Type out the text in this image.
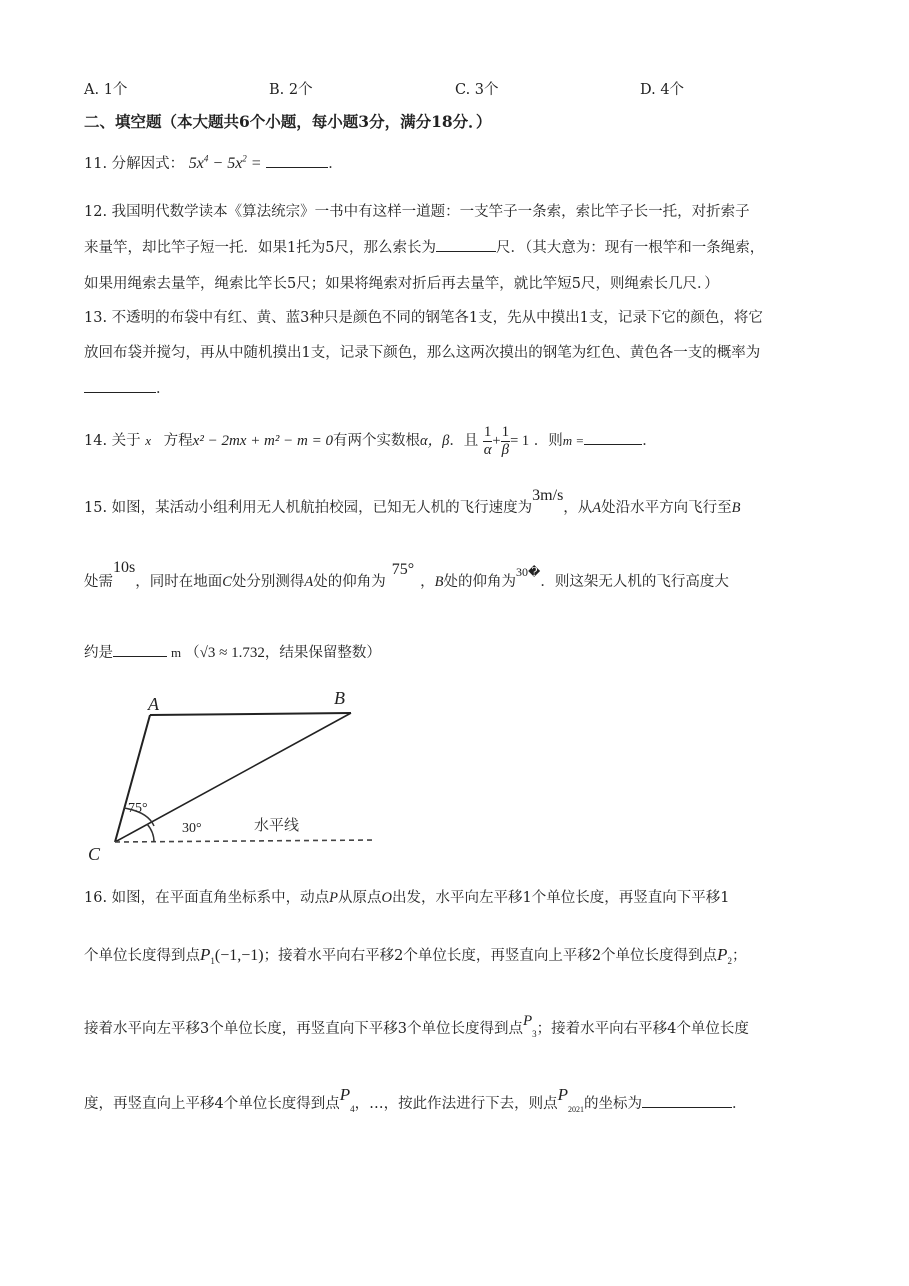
A. 1个	B. 2个	C. 3个	D. 4个
二、填空题（本大题共6个小题，每小题3分，满分18分．）
11. 分解因式： $5x^4 - 5x^2$ =	．
12. 我国明代数学读本《算法统宗》一书中有这样一道题：一支竿子一条索，索比竿子长一托，对折索子
来量竿，却比竿子短一托．如果1托为5尺，那么索长为	尺．（其大意为：现有一根竿和一条绳索，
如果用绳索去量竿，绳索比竿长5尺；如果将绳索对折后再去量竿，就比竿短5尺，则绳索长几尺．）
13. 不透明的布袋中有红、黄、蓝3种只是颜色不同的钢笔各1支，先从中摸出1支，记录下它的颜色，将它
放回布袋并搅匀，再从中随机摸出1支，记录下颜色，那么这两次摸出的钢笔为红色、黄色各一支的概率为
．
14. 关于 x 方程x² − 2mx + m² − m = 0有两个实数根α，β．且 $\frac{1}{\alpha} + \frac{1}{\beta} = 1$ ．则m =	．
15. 如图，某活动小组利用无人机航拍校园，已知无人机的飞行速度为3m/s，从A处沿水平方向飞行至B
处需10s，同时在地面C处分别测得A处的仰角为75°，B处的仰角为$^{30�}$．则这架无人机的飞行高度大
约是	m （√3 ≈ 1.732，结果保留整数）
A	B
C
75°
30°	水平线
16. 如图，在平面直角坐标系中，动点P从原点O出发，水平向左平移1个单位长度，再竖直向下平移1
个单位长度得到点$P_1(-1,-1)$；接着水平向右平移2个单位长度，再竖直向上平移2个单位长度得到点$P_2$；
接着水平向左平移3个单位长度，再竖直向下平移3个单位长度得到点$P_3$；接着水平向右平移4个单位长度
度，再竖直向上平移4个单位长度得到点$P_4$，…，按此作法进行下去，则点$P_{2021}$的坐标为	．
